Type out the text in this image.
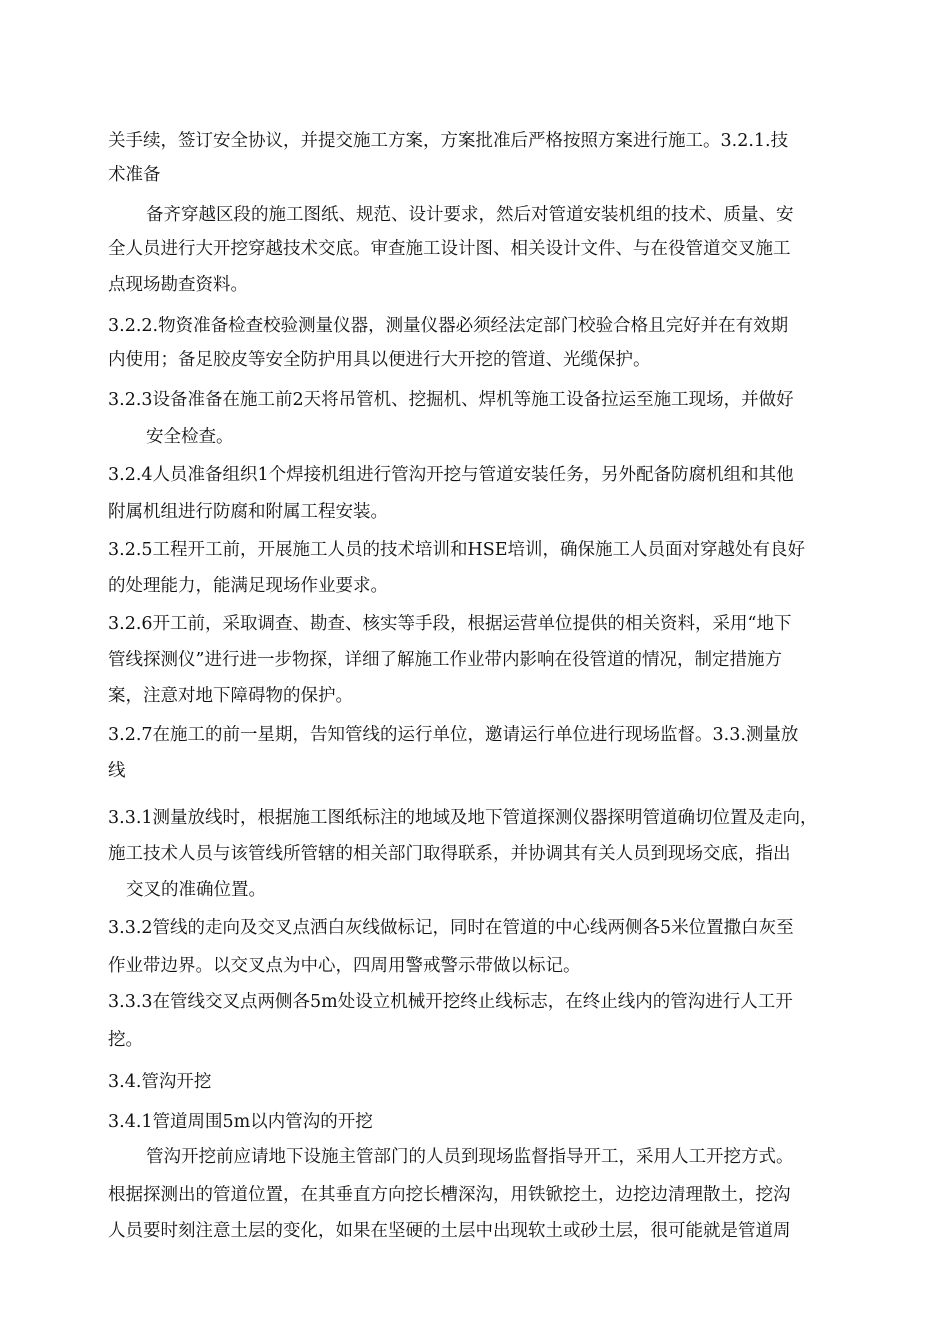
关手续，签订安全协议，并提交施工方案，方案批准后严格按照方案进行施工。3.2.1.技
术准备
备齐穿越区段的施工图纸、规范、设计要求，然后对管道安装机组的技术、质量、安
全人员进行大开挖穿越技术交底。审查施工设计图、相关设计文件、与在役管道交叉施工
点现场勘查资料。
3.2.2.物资准备检查校验测量仪器，测量仪器必须经法定部门校验合格且完好并在有效期
内使用；备足胶皮等安全防护用具以便进行大开挖的管道、光缆保护。
3.2.3设备准备在施工前2天将吊管机、挖掘机、焊机等施工设备拉运至施工现场，并做好
安全检查。
3.2.4人员准备组织1个焊接机组进行管沟开挖与管道安装任务，另外配备防腐机组和其他
附属机组进行防腐和附属工程安装。
3.2.5工程开工前，开展施工人员的技术培训和HSE培训，确保施工人员面对穿越处有良好
的处理能力，能满足现场作业要求。
3.2.6开工前，采取调查、勘查、核实等手段，根据运营单位提供的相关资料，采用“地下
管线探测仪”进行进一步物探，详细了解施工作业带内影响在役管道的情况，制定措施方
案，注意对地下障碍物的保护。
3.2.7在施工的前一星期，告知管线的运行单位，邀请运行单位进行现场监督。3.3.测量放
线
3.3.1测量放线时，根据施工图纸标注的地域及地下管道探测仪器探明管道确切位置及走向，
施工技术人员与该管线所管辖的相关部门取得联系，并协调其有关人员到现场交底，指出
交叉的准确位置。
3.3.2管线的走向及交叉点洒白灰线做标记，同时在管道的中心线两侧各5米位置撒白灰至
作业带边界。以交叉点为中心，四周用警戒警示带做以标记。
3.3.3在管线交叉点两侧各5m处设立机械开挖终止线标志，在终止线内的管沟进行人工开
挖。
3.4.管沟开挖
3.4.1管道周围5m以内管沟的开挖
管沟开挖前应请地下设施主管部门的人员到现场监督指导开工，采用人工开挖方式。
根据探测出的管道位置，在其垂直方向挖长槽深沟，用铁锨挖土，边挖边清理散土，挖沟
人员要时刻注意土层的变化，如果在坚硬的土层中出现软土或砂土层，很可能就是管道周
